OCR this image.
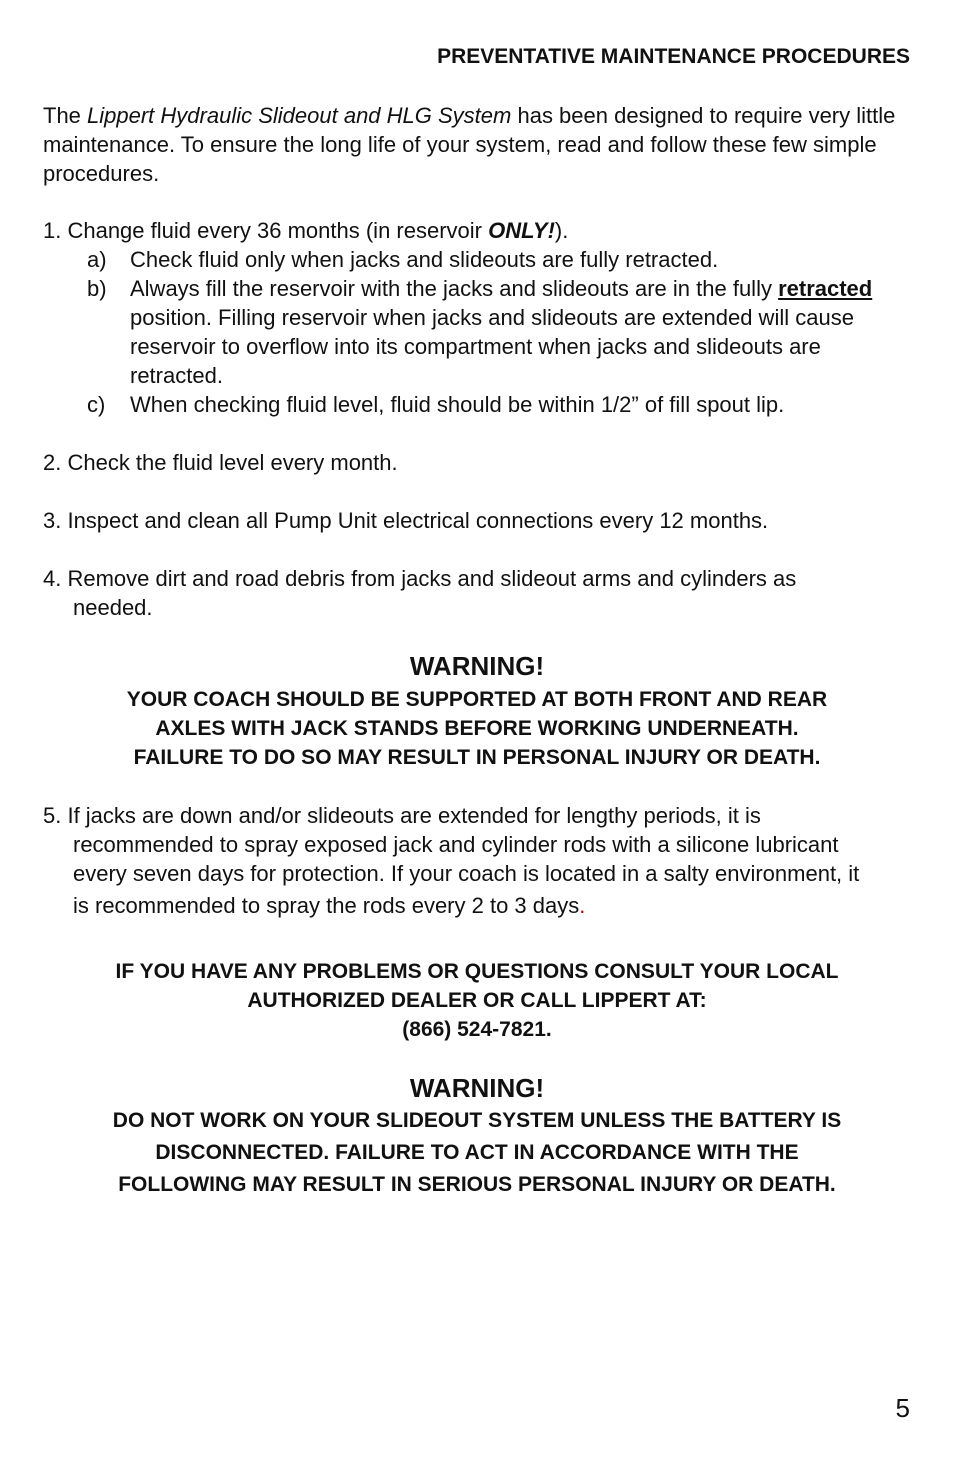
PREVENTATIVE MAINTENANCE PROCEDURES
The Lippert Hydraulic Slideout and HLG System has been designed to require very little maintenance. To ensure the long life of your system, read and follow these few simple procedures.
1. Change fluid every 36 months (in reservoir ONLY!).
a) Check fluid only when jacks and slideouts are fully retracted.
b) Always fill the reservoir with the jacks and slideouts are in the fully retracted position. Filling reservoir when jacks and slideouts are extended will cause reservoir to overflow into its compartment when jacks and slideouts are retracted.
c) When checking fluid level, fluid should be within 1/2” of fill spout lip.
2. Check the fluid level every month.
3. Inspect and clean all Pump Unit electrical connections every 12 months.
4. Remove dirt and road debris from jacks and slideout arms and cylinders as
needed.
WARNING!
YOUR COACH SHOULD BE SUPPORTED AT BOTH FRONT AND REAR
AXLES WITH JACK STANDS BEFORE WORKING UNDERNEATH.
FAILURE TO DO SO MAY RESULT IN PERSONAL INJURY OR DEATH.
5. If jacks are down and/or slideouts are extended for lengthy periods, it is
recommended to spray exposed jack and cylinder rods with a silicone lubricant
every seven days for protection. If your coach is located in a salty environment, it
is recommended to spray the rods every 2 to 3 days.
IF YOU HAVE ANY PROBLEMS OR QUESTIONS CONSULT YOUR LOCAL
AUTHORIZED DEALER OR CALL LIPPERT AT:
(866) 524-7821.
WARNING!
DO NOT WORK ON YOUR SLIDEOUT SYSTEM UNLESS THE BATTERY IS
DISCONNECTED. FAILURE TO ACT IN ACCORDANCE WITH THE
FOLLOWING MAY RESULT IN SERIOUS PERSONAL INJURY OR DEATH.
5
